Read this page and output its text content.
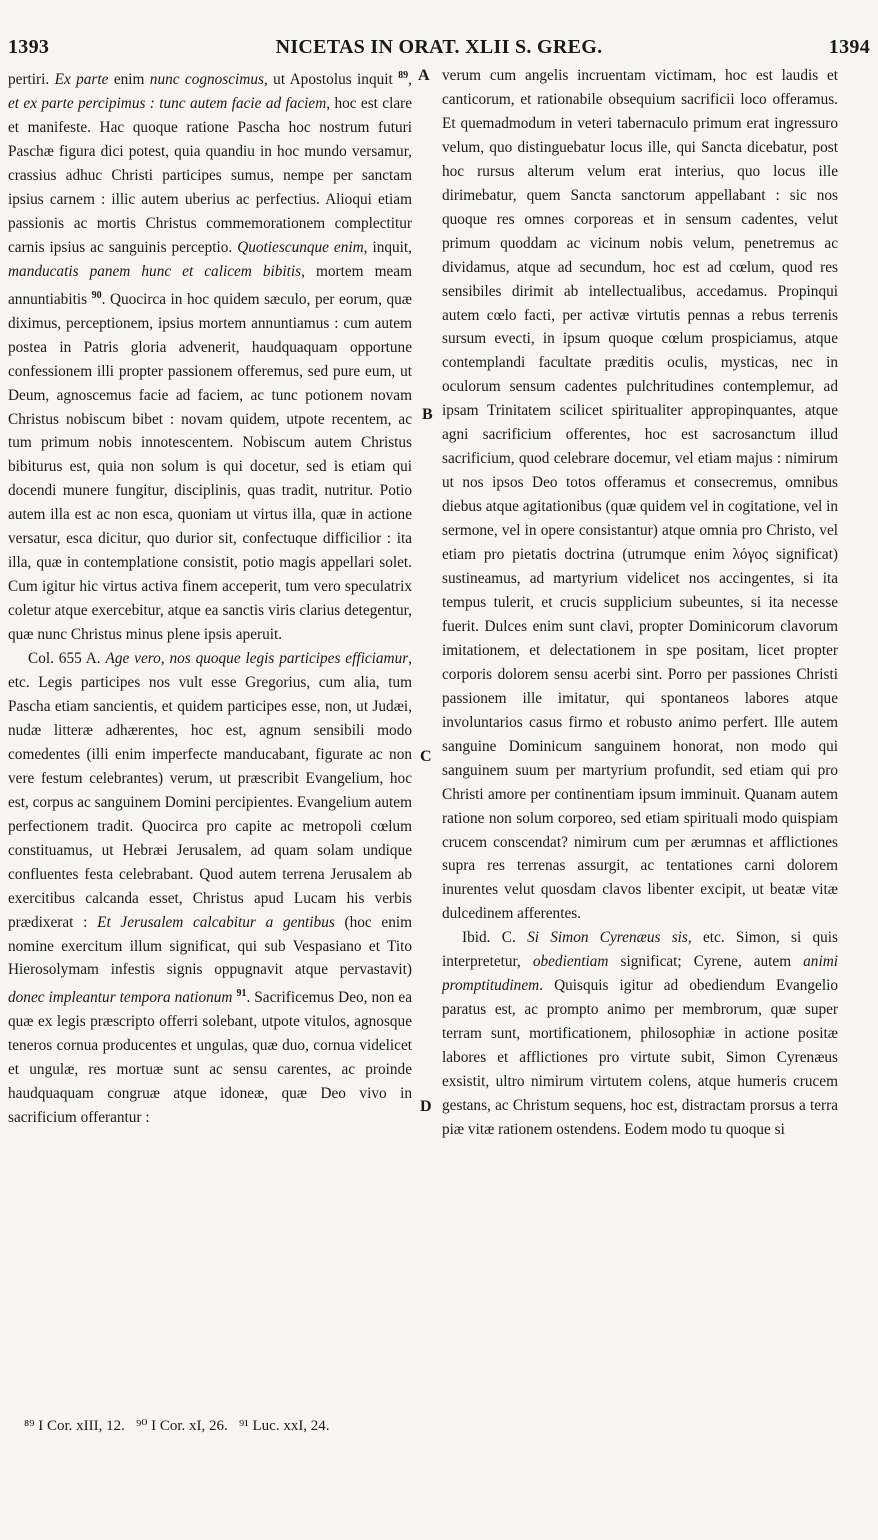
1393	NICETAS IN ORAT. XLII S. GREG.	1394

pertiri. Ex parte enim nunc cognoscimus, ut Apostolus inquit $^{89}$, et ex parte percipimus : tunc autem facie ad faciem, hoc est clare et manifeste. Hac quoque ratione Pascha hoc nostrum futuri Paschæ figura dici potest, quia quandiu in hoc mundo versamur, crassius adhuc Christi participes sumus, nempe per sanctam ipsius carnem : illic autem uberius ac perfectius. Alioqui etiam passionis ac mortis Christus commemorationem complectitur carnis ipsius ac sanguinis perceptio. Quotiescunque enim, inquit, manducatis panem hunc et calicem bibitis, mortem meam annuntiabitis $^{90}$. Quocirca in hoc quidem sæculo, per eorum, quæ diximus, perceptionem, ipsius mortem annuntiamus : cum autem postea in Patris gloria advenerit, haudquaquam opportune confessionem illi propter passionem offeremus, sed pure eum, ut Deum, agnoscemus facie ad faciem, ac tunc potionem novam Christus nobiscum bibet : novam quidem, utpote recentem, ac tum primum nobis innotescentem. Nobiscum autem Christus bibiturus est, quia non solum is qui docetur, sed is etiam qui docendi munere fungitur, disciplinis, quas tradit, nutritur. Potio autem illa est ac non esca, quoniam ut virtus illa, quæ in actione versatur, esca dicitur, quo durior sit, confectuque difficilior : ita illa, quæ in contemplatione consistit, potio magis appellari solet. Cum igitur hic virtus activa finem acceperit, tum vero speculatrix coletur atque exercebitur, atque ea sanctis viris clarius detegentur, quæ nunc Christus minus plene ipsis aperuit.

Col. 655 A. Age vero, nos quoque legis participes efficiamur, etc. Legis participes nos vult esse Gregorius, cum alia, tum Pascha etiam sancientis, et quidem participes esse, non, ut Judæi, nudæ litteræ adhærentes, hoc est, agnum sensibili modo comedentes (illi enim imperfecte manducabant, figurate ac non vere festum celebrantes) verum, ut præscribit Evangelium, hoc est, corpus ac sanguinem Domini percipientes. Evangelium autem perfectionem tradit. Quocirca pro capite ac metropoli cœlum constituamus, ut Hebræi Jerusalem, ad quam solam undique confluentes festa celebrabant. Quod autem terrena Jerusalem ab exercitibus calcanda esset, Christus apud Lucam his verbis prædixerat : Et Jerusalem calcabitur a gentibus (hoc enim nomine exercitum illum significat, qui sub Vespasiano et Tito Hierosolymam infestis signis oppugnavit atque pervastavit) donec impleantur tempora nationum $^{91}$. Sacrificemus Deo, non ea quæ ex legis præscripto offerri solebant, utpote vitulos, agnosque teneros cornua producentes et ungulas, quæ duo, cornua videlicet et ungulæ, res mortuæ sunt ac sensu carentes, ac proinde haudquaquam congruæ atque idoneæ, quæ Deo vivo in sacrificium offerantur :

verum cum angelis incruentam victimam, hoc est laudis et canticorum, et rationabile obsequium sacrificii loco offeramus. Et quemadmodum in veteri tabernaculo primum erat ingressuro velum, quo distinguebatur locus ille, qui Sancta dicebatur, post hoc rursus alterum velum erat interius, quo locus ille dirimebatur, quem Sancta sanctorum appellabant : sic nos quoque res omnes corporeas et in sensum cadentes, velut primum quoddam ac vicinum nobis velum, penetremus ac dividamus, atque ad secundum, hoc est ad cœlum, quod res sensibiles dirimit ab intellectualibus, accedamus. Propinqui autem cœlo facti, per activæ virtutis pennas a rebus terrenis sursum evecti, in ipsum quoque cœlum prospiciamus, atque contemplandi facultate præditis oculis, mysticas, nec in oculorum sensum cadentes pulchritudines contemplemur, ad ipsam Trinitatem scilicet spiritualiter appropinquantes, atque agni sacrificium offerentes, hoc est sacrosanctum illud sacrificium, quod celebrare docemur, vel etiam majus : nimirum ut nos ipsos Deo totos offeramus et consecremus, omnibus diebus atque agitationibus (quæ quidem vel in cogitatione, vel in sermone, vel in opere consistantur) atque omnia pro Christo, vel etiam pro pietatis doctrina (utrumque enim λόγος significat) sustineamus, ad martyrium videlicet nos accingentes, si ita tempus tulerit, et crucis supplicium subeuntes, si ita necesse fuerit. Dulces enim sunt clavi, propter Dominicorum clavorum imitationem, et delectationem in spe positam, licet propter corporis dolorem sensu acerbi sint. Porro per passiones Christi passionem ille imitatur, qui spontaneos labores atque involuntarios casus firmo et robusto animo perfert. Ille autem sanguine Dominicum sanguinem honorat, non modo qui sanguinem suum per martyrium profundit, sed etiam qui pro Christi amore per continentiam ipsum imminuit. Quanam autem ratione non solum corporeo, sed etiam spirituali modo quispiam crucem conscendat? nimirum cum per ærumnas et afflictiones supra res terrenas assurgit, ac tentationes carni dolorem inurentes velut quosdam clavos libenter excipit, ut beatæ vitæ dulcedinem afferentes.

Ibid. C. Si Simon Cyrenæus sis, etc. Simon, si quis interpretetur, obedientiam significat; Cyrene, autem animi promptitudinem. Quisquis igitur ad obediendum Evangelio paratus est, ac prompto animo per membrorum, quæ super terram sunt, mortificationem, philosophiæ in actione positæ labores et afflictiones pro virtute subit, Simon Cyrenæus exsistit, ultro nimirum virtutem colens, atque humeris crucem gestans, ac Christum sequens, hoc est, distractam prorsus a terra piæ vitæ rationem ostendens. Eodem modo tu quoque si

A
B
C
D
⁸⁹ I Cor. xIII, 12.   ⁹⁰ I Cor. xI, 26.   ⁹¹ Luc. xxI, 24.
